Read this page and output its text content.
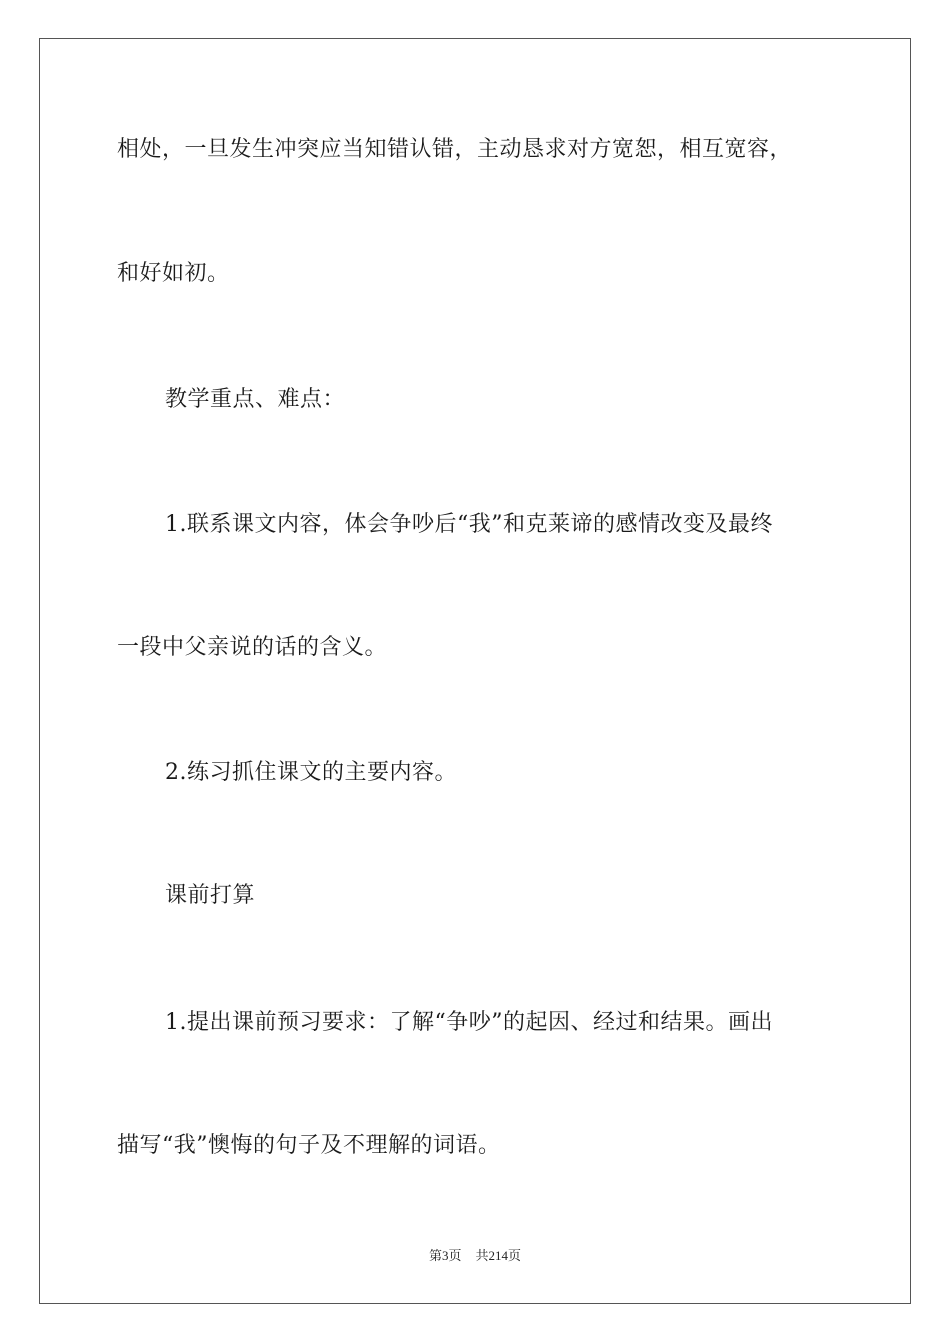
相处，一旦发生冲突应当知错认错，主动恳求对方宽恕，相互宽容，
和好如初。
教学重点、难点：
1.联系课文内容，体会争吵后“我”和克莱谛的感情改变及最终
一段中父亲说的话的含义。
2.练习抓住课文的主要内容。
课前打算
1.提出课前预习要求：了解“争吵”的起因、经过和结果。画出
描写“我”懊悔的句子及不理解的词语。
第3页 共214页
